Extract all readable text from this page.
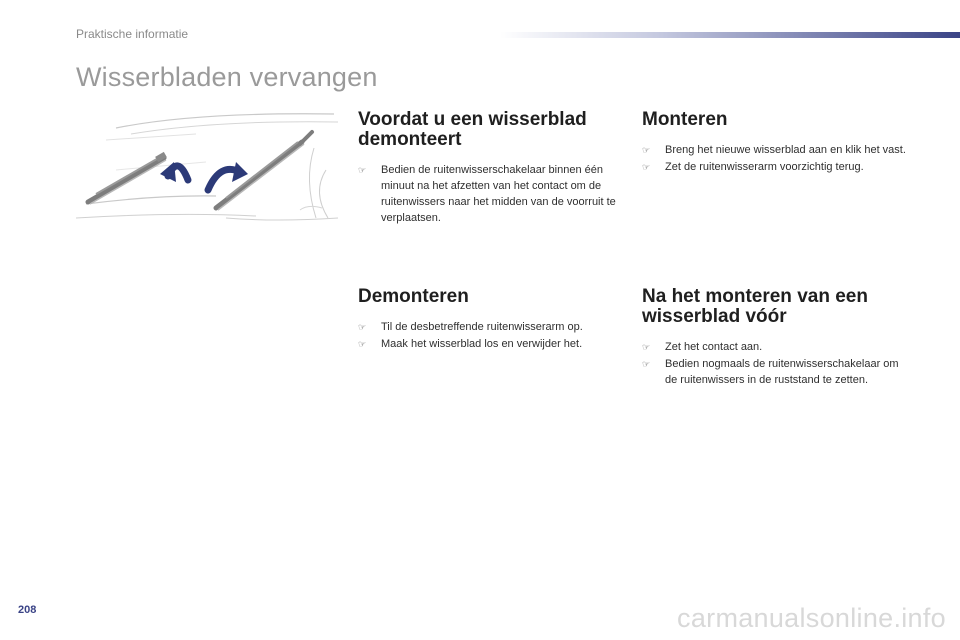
Praktische informatie
Wisserbladen vervangen
Voordat u een wisserblad demonteert
☞ Bedien de ruitenwisserschakelaar binnen één minuut na het afzetten van het contact om de ruitenwissers naar het midden van de voorruit te verplaatsen.
Monteren
☞ Breng het nieuwe wisserblad aan en klik het vast.
☞ Zet de ruitenwisserarm voorzichtig terug.
Demonteren
☞ Til de desbetreffende ruitenwisserarm op.
☞ Maak het wisserblad los en verwijder het.
Na het monteren van een wisserblad vóór
☞ Zet het contact aan.
☞ Bedien nogmaals de ruitenwisserschakelaar om de ruitenwissers in de ruststand te zetten.
208	carmanualsonline.info
